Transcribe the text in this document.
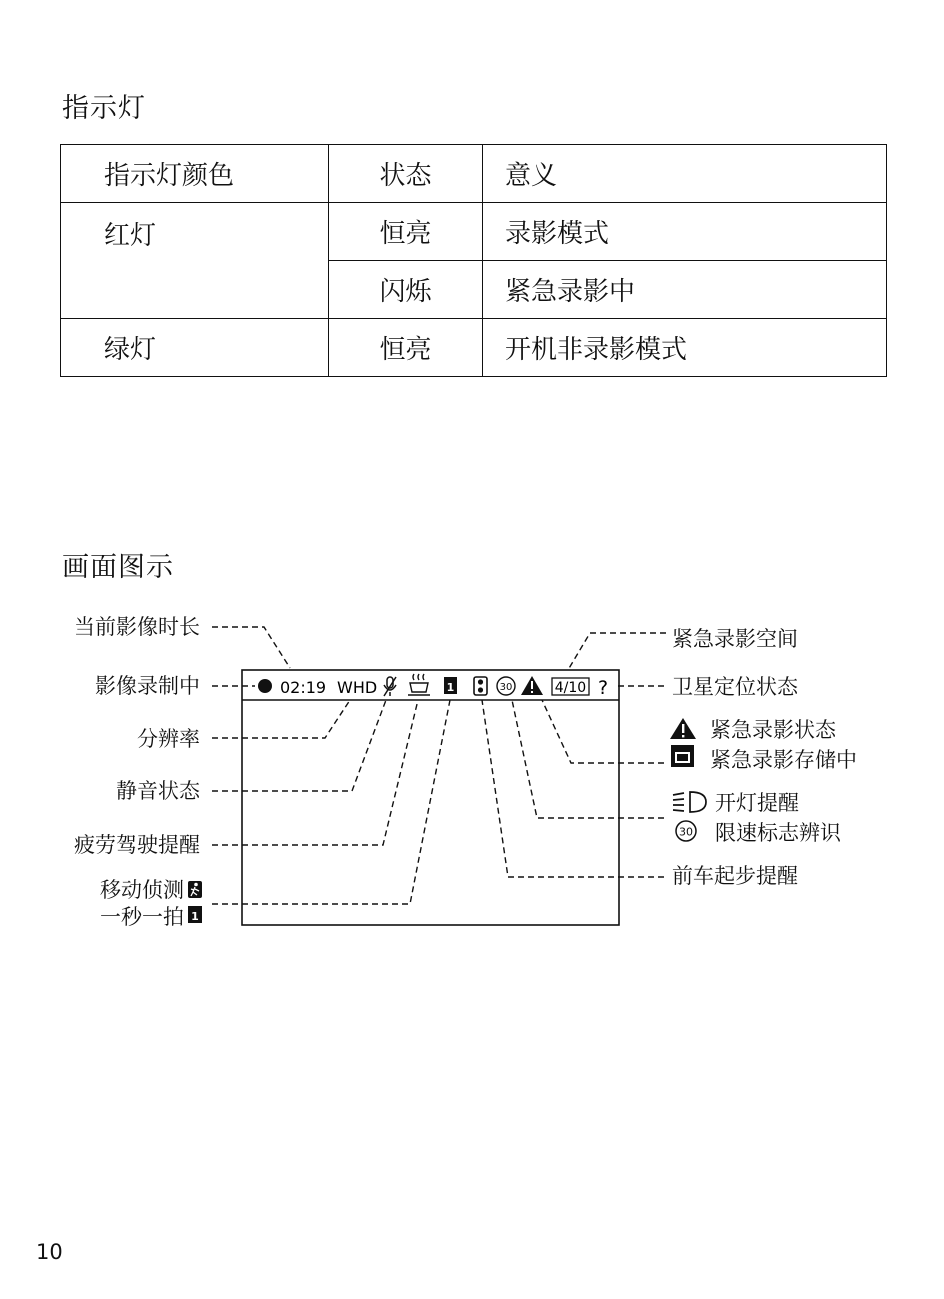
指示灯
指示灯颜色	状态	意义
红灯	恒亮	录影模式
	闪烁	紧急录影中
绿灯	恒亮	开机非录影模式
画面图示
02:19 WHD	1	30	4/10 ?
当前影像时长
影像录制中
分辨率
静音状态
疲劳驾驶提醒
移动侦测
一秒一拍
紧急录影空间
卫星定位状态
紧急录影状态
紧急录影存储中
开灯提醒
限速标志辨识
前车起步提醒
1
30
10
